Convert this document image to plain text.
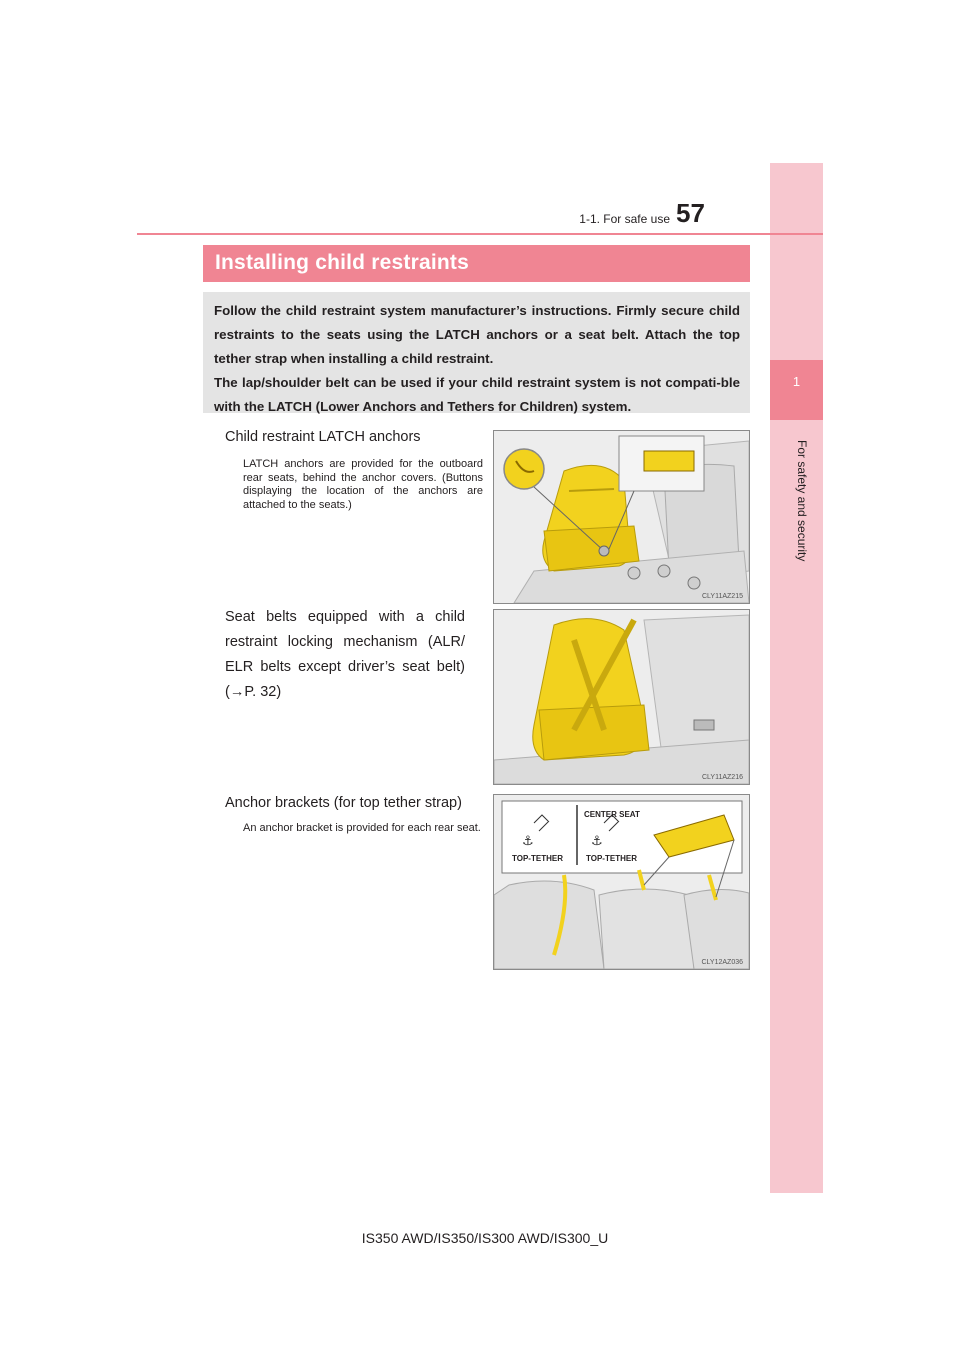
1
For safety and security
1-1. For safe use 57
Installing child restraints

Follow the child restraint system manufacturer’s instructions. Firmly secure child restraints to the seats using the LATCH anchors or a seat belt. Attach the top tether strap when installing a child restraint.

The lap/shoulder belt can be used if your child restraint system is not compati-ble with the LATCH (Lower Anchors and Tethers for Children) system.

Child restraint LATCH anchors
LATCH anchors are provided for the outboard rear seats, behind the anchor covers. (Buttons displaying the location of the anchors are attached to the seats.)
CLY11AZ215
Seat belts equipped with a child restraint locking mechanism (ALR/ ELR belts except driver’s seat belt) (→P. 32)
CLY11AZ216
Anchor brackets (for top tether strap)
An anchor bracket is provided for each rear seat.
⚓	⚓
CENTER SEAT
TOP-TETHER	TOP-TETHER
CLY12AZ036
IS350 AWD/IS350/IS300 AWD/IS300_U
